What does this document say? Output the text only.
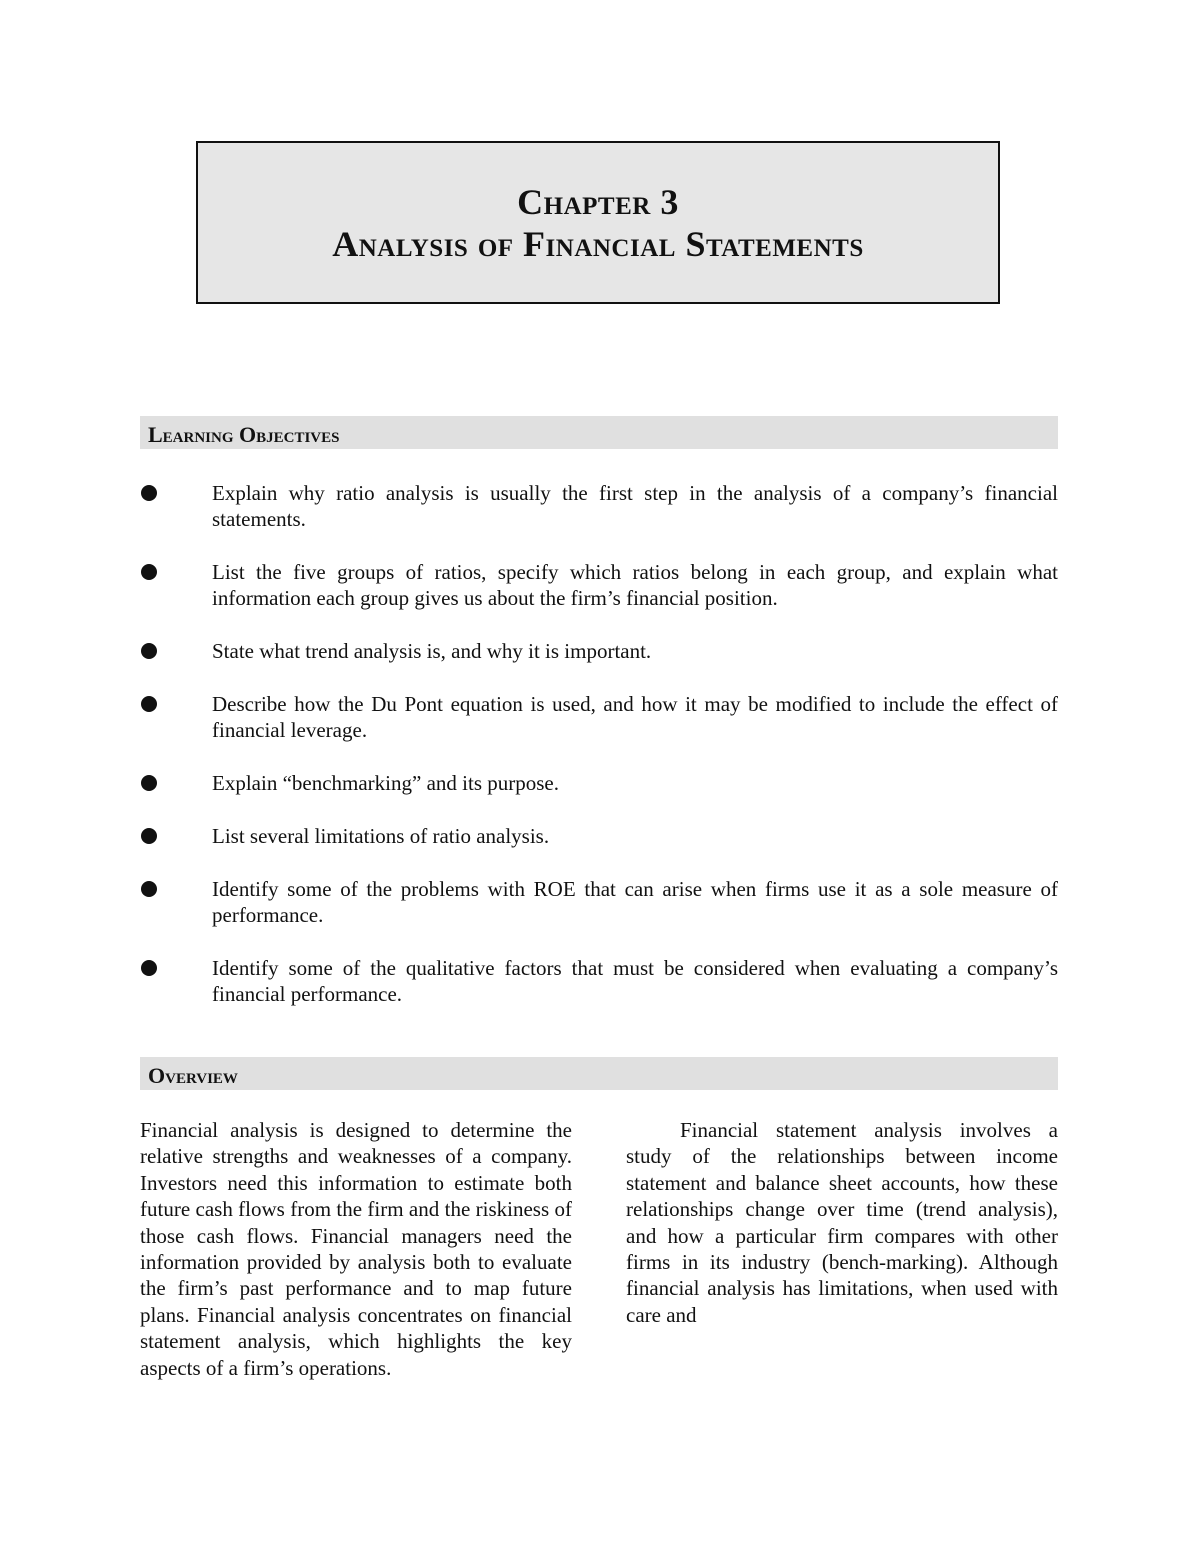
Chapter 3
Analysis of Financial Statements
Learning Objectives
Explain why ratio analysis is usually the first step in the analysis of a company’s financial statements.
List the five groups of ratios, specify which ratios belong in each group, and explain what information each group gives us about the firm’s financial position.
State what trend analysis is, and why it is important.
Describe how the Du Pont equation is used, and how it may be modified to include the effect of financial leverage.
Explain “benchmarking” and its purpose.
List several limitations of ratio analysis.
Identify some of the problems with ROE that can arise when firms use it as a sole measure of performance.
Identify some of the qualitative factors that must be considered when evaluating a company’s financial performance.
Overview

Financial analysis is designed to determine the relative strengths and weaknesses of a company. Investors need this information to estimate both future cash flows from the firm and the riskiness of those cash flows. Financial managers need the information provided by analysis both to evaluate the firm’s past performance and to map future plans. Financial analysis concentrates on financial statement analysis, which highlights the key aspects of a firm’s operations.

Financial statement analysis involves a study of the relationships between income statement and balance sheet accounts, how these relationships change over time (trend analysis), and how a particular firm compares with other firms in its industry (bench-marking). Although financial analysis has limitations, when used with care and
